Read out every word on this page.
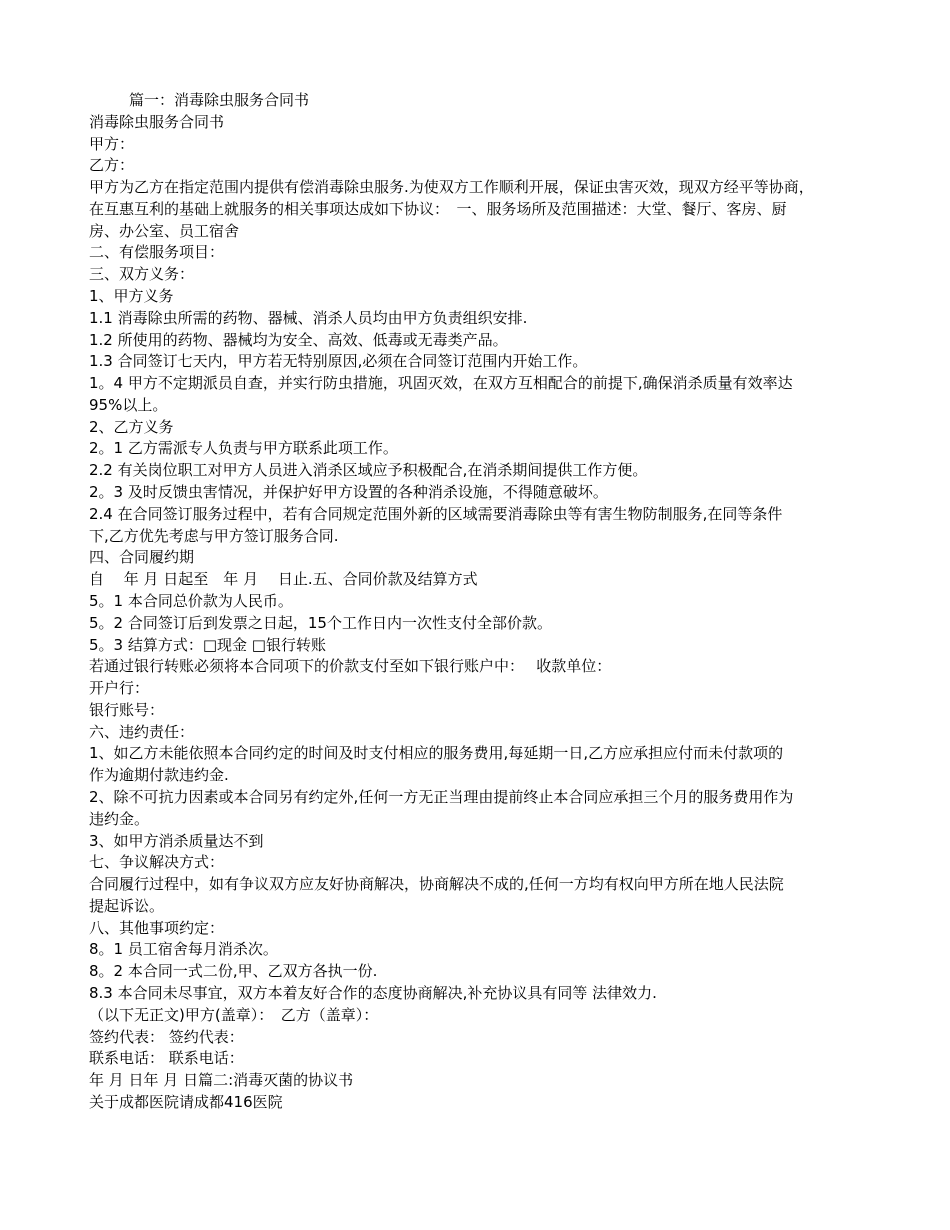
篇一：消毒除虫服务合同书
消毒除虫服务合同书
甲方：
乙方：
甲方为乙方在指定范围内提供有偿消毒除虫服务.为使双方工作顺利开展，保证虫害灭效，现双方经平等协商，
在互惠互利的基础上就服务的相关事项达成如下协议：　一、服务场所及范围描述：大堂、餐厅、客房、厨
房、办公室、员工宿舍
二、有偿服务项目：
三、双方义务：
1、甲方义务
1.1 消毒除虫所需的药物、器械、消杀人员均由甲方负责组织安排.
1.2 所使用的药物、器械均为安全、高效、低毒或无毒类产品。
1.3 合同签订七天内，甲方若无特别原因,必须在合同签订范围内开始工作。
1。4 甲方不定期派员自查，并实行防虫措施，巩固灭效，在双方互相配合的前提下,确保消杀质量有效率达
95%以上。
2、乙方义务
2。1 乙方需派专人负责与甲方联系此项工作。
2.2 有关岗位职工对甲方人员进入消杀区域应予积极配合,在消杀期间提供工作方便。
2。3 及时反馈虫害情况，并保护好甲方设置的各种消杀设施，不得随意破坏。
2.4 在合同签订服务过程中，若有合同规定范围外新的区域需要消毒除虫等有害生物防制服务,在同等条件
下,乙方优先考虑与甲方签订服务合同.
四、合同履约期
自　 年 月 日起至　年 月　 日止.五、合同价款及结算方式
5。1 本合同总价款为人民币。
5。2 合同签订后到发票之日起，15个工作日内一次性支付全部价款。
5。3 结算方式：□现金 □银行转账
若通过银行转账必须将本合同项下的价款支付至如下银行账户中：　 收款单位：
开户行：
银行账号：
六、违约责任：
1、如乙方未能依照本合同约定的时间及时支付相应的服务费用,每延期一日,乙方应承担应付而未付款项的
作为逾期付款违约金.
2、除不可抗力因素或本合同另有约定外,任何一方无正当理由提前终止本合同应承担三个月的服务费用作为
违约金。
3、如甲方消杀质量达不到
七、争议解决方式：
合同履行过程中，如有争议双方应友好协商解决，协商解决不成的,任何一方均有权向甲方所在地人民法院
提起诉讼。
八、其他事项约定：
8。1 员工宿舍每月消杀次。
8。2 本合同一式二份,甲、乙双方各执一份.
8.3 本合同未尽事宜，双方本着友好合作的态度协商解决,补充协议具有同等 法律效力.
（以下无正文)甲方(盖章）：　乙方（盖章）：
签约代表： 签约代表：
联系电话： 联系电话：
年 月 日年 月 日篇二:消毒灭菌的协议书
关于成都医院请成都416医院
